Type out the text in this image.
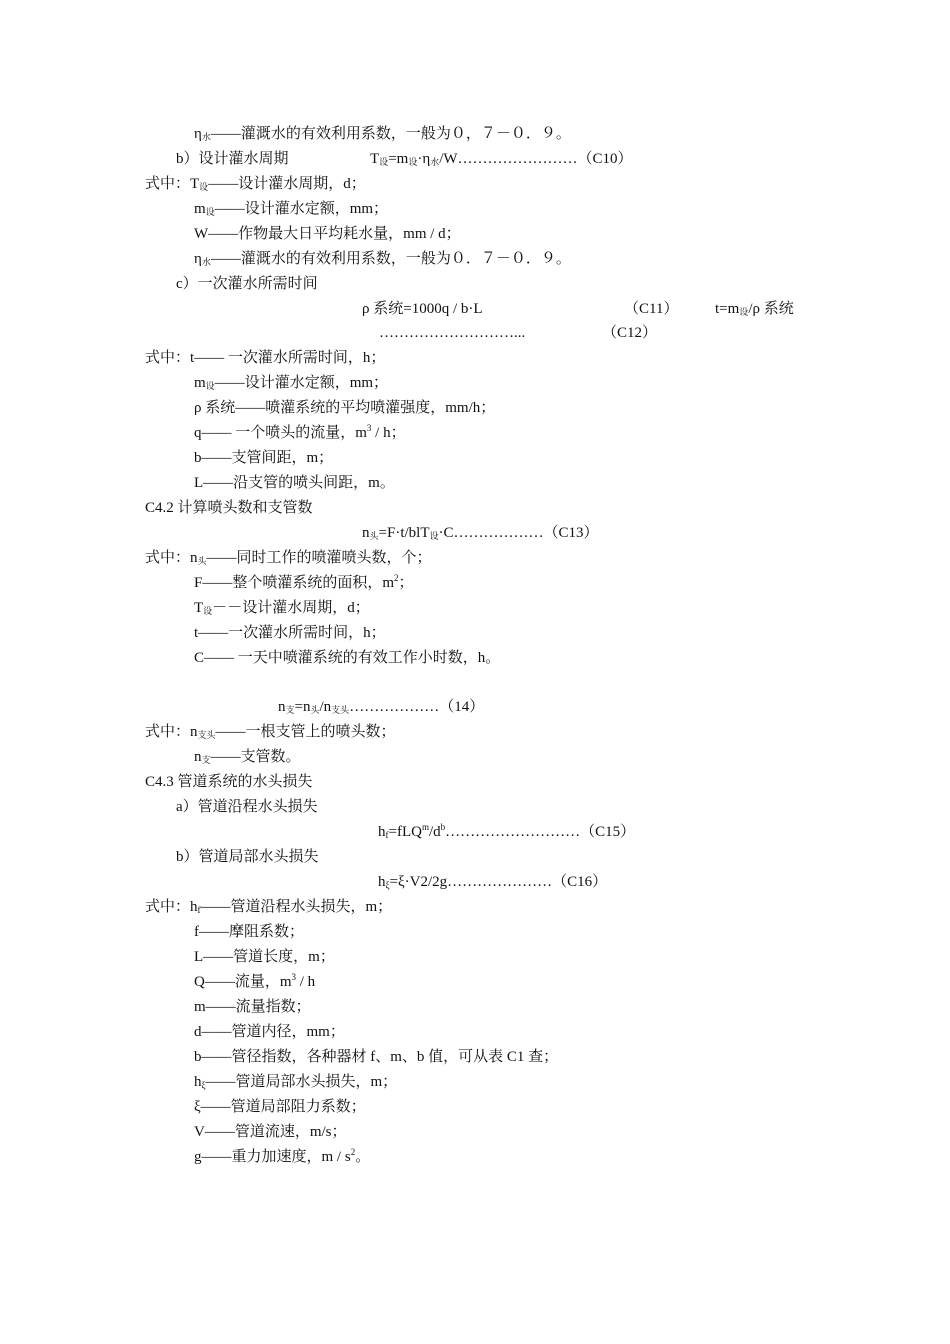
$\eta_水——$灌溉水的有效利用系数，一般为０，７－０．９。
b）设计灌水周期	$T_设=m_设\cdot\eta_水/W\dots\dots\dots\dots\dots\dots\dots\dots(C10)$
式中：$T_设——$设计灌水周期，d；
$m_设——$设计灌水定额，mm；
W——作物最大日平均耗水量，mm / d；
$\eta_水——$灌溉水的有效利用系数，一般为０．７－０．９。
c）一次灌水所需时间
ρ 系统=1000q / b·L	（C11） $t=m_设/\rho$ 系统
………………………...	（C12）
式中：t—— 一次灌水所需时间，h；
$m_设——$设计灌水定额，mm；
ρ 系统——喷灌系统的平均喷灌强度，mm/h；
q—— 一个喷头的流量，$m^3$ / h；
b——支管间距，m；
L——沿支管的喷头间距，m。
C4.2 计算喷头数和支管数
$n_头=F\cdot t/blT_设\cdot C\dots\dots\dots\dots\dots\dots(C13)$
式中：$n_头——$同时工作的喷灌喷头数，个；
F——整个喷灌系统的面积，$m^2$；
$T_设--$设计灌水周期，d；
t——一次灌水所需时间，h；
C—— 一天中喷灌系统的有效工作小时数，h。
$n_支=n_头/n_{支头}\dots\dots\dots\dots\dots\dots(14)$
式中：$n_{支头}——$一根支管上的喷头数；
$n_支——$支管数。
C4.3 管道系统的水头损失
a）管道沿程水头损失
$h_f=fLQ^m/d^b\dots\dots\dots\dots\dots\dots\dots\dots\dots(C15)$
b）管道局部水头损失
$h_\xi=\xi\cdot V2/2g\dots\dots\dots\dots\dots\dots\dots(C16)$
式中：$h_f——$管道沿程水头损失，m；
f——摩阻系数；
L——管道长度，m；
Q——流量，$m^3$ / h
m——流量指数；
d——管道内径，mm；
b——管径指数，各种器材 f、m、b 值，可从表 C1 查；
$h_\xi——$管道局部水头损失，m；
ξ——管道局部阻力系数；
V——管道流速，m/s；
g——重力加速度，m / $s^2$。
